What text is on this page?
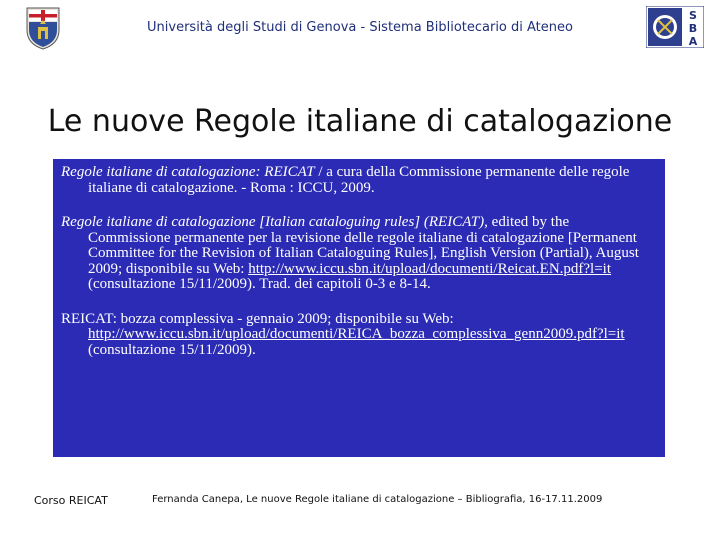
Università degli Studi di Genova - Sistema Bibliotecario di Ateneo
S
B
A
Le nuove Regole italiane di catalogazione

Regole italiane di catalogazione: REICAT / a cura della Commissione permanente delle regole italiane di catalogazione. - Roma : ICCU, 2009.

Regole italiane di catalogazione [Italian cataloguing rules] (REICAT), edited by the Commissione permanente per la revisione delle regole italiane di catalogazione [Permanent Committee for the Revision of Italian Cataloguing Rules], English Version (Partial), August 2009; disponibile su Web: http://www.iccu.sbn.it/upload/documenti/Reicat.EN.pdf?l=it (consultazione 15/11/2009). Trad. dei capitoli 0-3 e 8-14.

REICAT: bozza complessiva - gennaio 2009; disponibile su Web: http://www.iccu.sbn.it/upload/documenti/REICA_bozza_complessiva_genn2009.pdf?l=it (consultazione 15/11/2009).

Corso REICAT	Fernanda Canepa, Le nuove Regole italiane di catalogazione – Bibliografia, 16-17.11.2009
